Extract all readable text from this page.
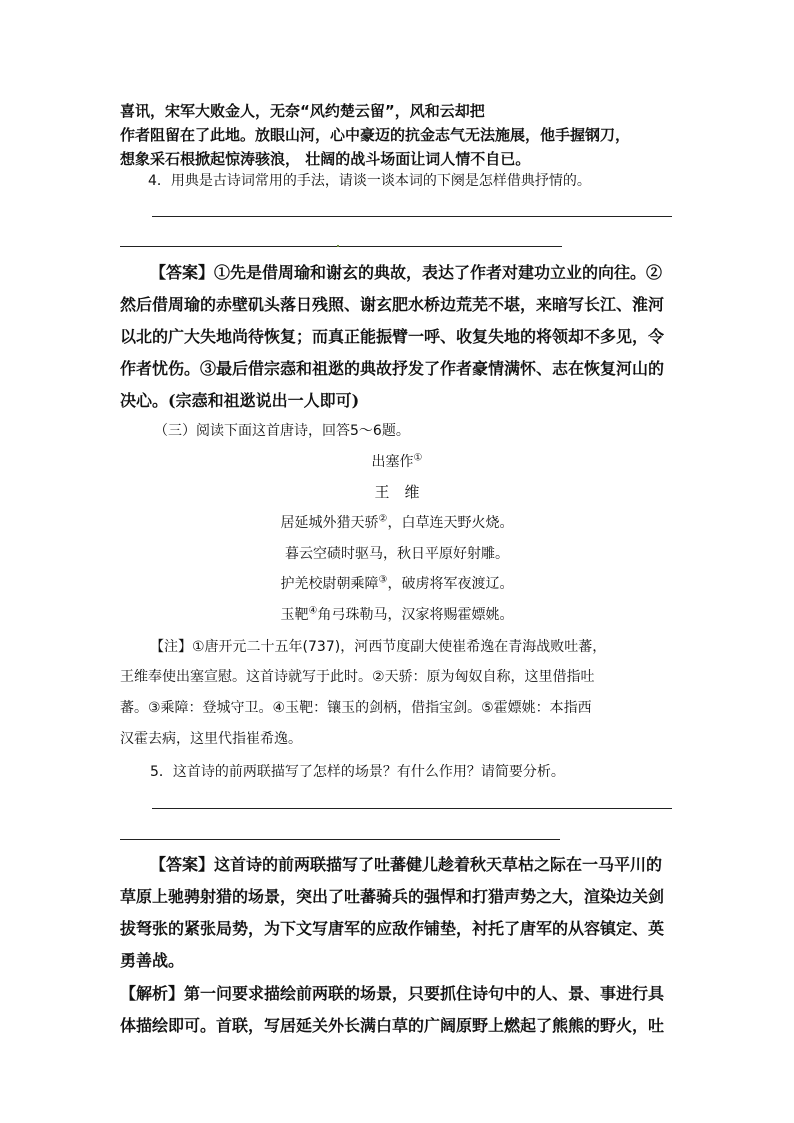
喜讯，宋军大败金人，无奈“风约楚云留”，风和云却把
作者阻留在了此地。放眼山河，心中豪迈的抗金志气无法施展，他手握钢刀，
想象采石根掀起惊涛骇浪， 壮阔的战斗场面让词人情不自已。
4．用典是古诗词常用的手法，请谈一谈本词的下阕是怎样借典抒情的。
【答案】①先是借周瑜和谢玄的典故，表达了作者对建功立业的向往。②
然后借周瑜的赤壁矶头落日残照、谢玄肥水桥边荒芜不堪，来暗写长江、淮河
以北的广大失地尚待恢复；而真正能振臂一呼、收复失地的将领却不多见，令
作者忧伤。③最后借宗悫和祖逖的典故抒发了作者豪情满怀、志在恢复河山的
决心。(宗悫和祖逖说出一人即可)
（三）阅读下面这首唐诗，回答5～6题。
出塞作①
王　维
居延城外猎天骄②，白草连天野火烧。
暮云空碛时驱马，秋日平原好射雕。
护羌校尉朝乘障③，破虏将军夜渡辽。
玉靶④角弓珠勒马，汉家将赐霍嫖姚。
【注】①唐开元二十五年(737)，河西节度副大使崔希逸在青海战败吐蕃，
王维奉使出塞宣慰。这首诗就写于此时。②天骄：原为匈奴自称，这里借指吐
蕃。③乘障：登城守卫。④玉靶：镶玉的剑柄，借指宝剑。⑤霍嫖姚：本指西
汉霍去病，这里代指崔希逸。
5．这首诗的前两联描写了怎样的场景？有什么作用？请简要分析。
【答案】这首诗的前两联描写了吐蕃健儿趁着秋天草枯之际在一马平川的
草原上驰骋射猎的场景，突出了吐蕃骑兵的强悍和打猎声势之大，渲染边关剑
拔弩张的紧张局势，为下文写唐军的应敌作铺垫，衬托了唐军的从容镇定、英
勇善战。
【解析】第一问要求描绘前两联的场景，只要抓住诗句中的人、景、事进行具
体描绘即可。首联，写居延关外长满白草的广阔原野上燃起了熊熊的野火，吐
